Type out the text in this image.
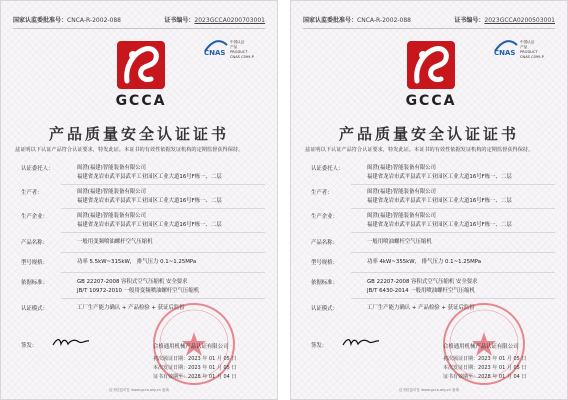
国家认监委批准号：CNCA-R-2002-088	证书编号：2023GCCA0200703001
GCCA
CNAS
中国认证
产品
PRODUCT
CNAS C099-P
产品质量安全认证证书
兹证明以下认证产品符合认证要求，特发此证。本证书的有效性依据发证机构的定期监督获得保持。
认证委托人：	闽澄(福建)智能装备有限公司
福建省龙岩市武平县武平工业园区工业大道16号F栋一、二层
生产者：	闽澄(福建)智能装备有限公司
福建省龙岩市武平县武平工业园区工业大道16号F栋一、二层
生产企业：	闽澄(福建)智能装备有限公司
福建省龙岩市武平县武平工业园区工业大道16号F栋一、二层
产品名称：	一般用变频喷油螺杆空气压缩机
型号规格：	功率 5.5kW~315kW， 排气压力 0.1~1.25MPa
依据标准：	GB 22207-2008 容积式空气压缩机 安全要求
JB/T 10972-2010 一般用变频喷油螺杆空气压缩机
认证模式：	工厂生产能力确认 + 产品检验 + 获证后监督
签发：	合格通用机械产品认证有限公司
初次颁证日期：2023 年 01 月 05 日
本次发证日期：2023 年 01 月 05 日
证书有效期至：2028 年 01 月 04 日
证书信息可在 www.gcca.org.cn 查询
国家认监委批准号：CNCA-R-2002-088	证书编号：2023GCCA0200503001
GCCA
CNAS
中国认证
产品
PRODUCT
CNAS C099-P
产品质量安全认证证书
兹证明以下认证产品符合认证要求，特发此证。本证书的有效性依据发证机构的定期监督获得保持。
认证委托人：	闽澄(福建)智能装备有限公司
福建省龙岩市武平县武平工业园区工业大道16号F栋一、二层
生产者：	闽澄(福建)智能装备有限公司
福建省龙岩市武平县武平工业园区工业大道16号F栋一、二层
生产企业：	闽澄(福建)智能装备有限公司
福建省龙岩市武平县武平工业园区工业大道16号F栋一、二层
产品名称：	一般用喷油螺杆空气压缩机
型号规格：	功率 4kW~355kW， 排气压力 0.1~1.25MPa
依据标准：	GB 22207-2008 容积式空气压缩机 安全要求
JB/T 6430-2014 一般用喷油螺杆空气压缩机
认证模式：	工厂生产能力确认 + 产品检验 + 获证后监督
签发：	合格通用机械产品认证有限公司
初次颁证日期：2023 年 01 月 05 日
本次发证日期：2023 年 01 月 05 日
证书有效期至：2028 年 01 月 04 日
证书信息可在 www.gcca.org.cn 查询
